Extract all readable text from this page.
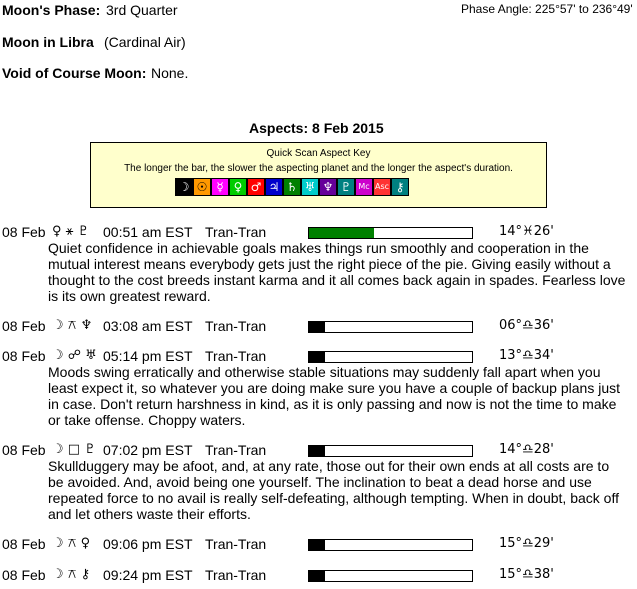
Moon's Phase: 3rd Quarter	Phase Angle: 225°57' to 236°49'
Moon in Libra (Cardinal Air)
Void of Course Moon: None.
Aspects: 8 Feb 2015
Quick Scan Aspect Key
The longer the bar, the slower the aspecting planet and the longer the aspect's duration.
☽ ☉ ☿ ♀ ♂ ♃ ♄ ♅ ♆ ♇ Mc Asc ⚷
08 Feb ♀ ⚹ ♇ 00:51 am EST Tran-Tran	14°♓26'
Quiet confidence in achievable goals makes things run smoothly and cooperation in the mutual interest means everybody gets just the right piece of the pie. Giving easily without a thought to the cost breeds instant karma and it all comes back again in spades. Fearless love is its own greatest reward.
08 Feb ☽ ⚻ ♆ 03:08 am EST Tran-Tran	06°♎36'
08 Feb ☽ ☍ ♅ 05:14 pm EST Tran-Tran	13°♎34'
Moods swing erratically and otherwise stable situations may suddenly fall apart when you least expect it, so whatever you are doing make sure you have a couple of backup plans just in case. Don't return harshness in kind, as it is only passing and now is not the time to make or take offense. Choppy waters.
08 Feb ☽ □ ♇ 07:02 pm EST Tran-Tran	14°♎28'
Skullduggery may be afoot, and, at any rate, those out for their own ends at all costs are to be avoided. And, avoid being one yourself. The inclination to beat a dead horse and use repeated force to no avail is really self-defeating, although tempting. When in doubt, back off and let others waste their efforts.
08 Feb ☽ ⚻ ♀ 09:06 pm EST Tran-Tran	15°♎29'
08 Feb ☽ ⚻ ⚷ 09:24 pm EST Tran-Tran	15°♎38'
